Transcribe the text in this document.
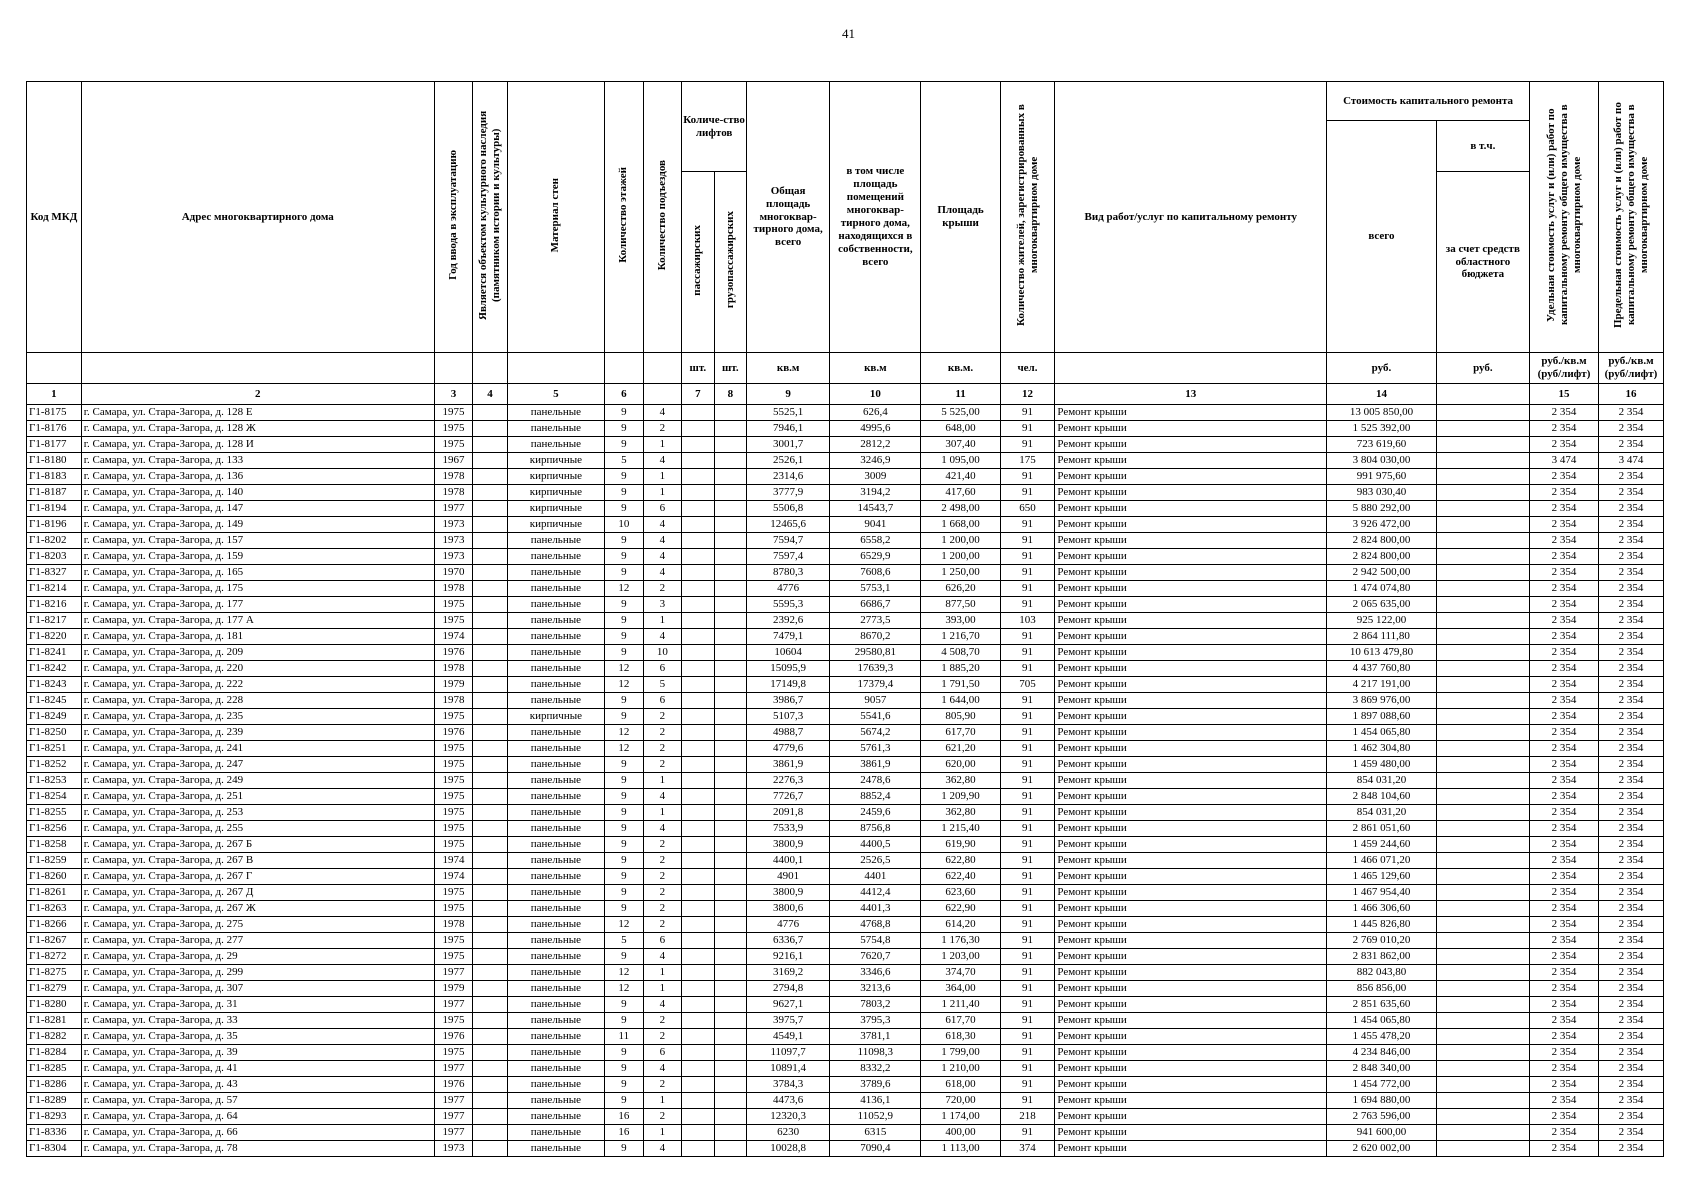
41
Код МКД	Адрес многоквартирного дома	Год ввода в эксплуатацию	Является объектом культурного наследия (памятником истории и культуры)	Материал стен	Количество этажей	Количество подъездов	Количе-ство лифтов		Общая площадь многоквар-тирного дома, всего	в том числе площадь помещений многоквар-тирного дома, находящихся в собственности, всего	Площадь крыши	Количество жителей, зарегистрированных в многоквартирном доме	Вид работ/услуг по капитальному ремонту	Стоимость капитального ремонта		Удельная стоимость услуг и (или) работ по капитальному ремонту общего имущества в многоквартирном доме	Предельная стоимость услуг и (или) работ по капитальному ремонту общего имущества в многоквартирном доме
														всего	в т.ч.		
							пассажирских	грузопассажирских							за счет средств областного бюджета		
							шт.	шт.	кв.м	кв.м	кв.м.	чел.		руб.	руб.	руб./кв.м (руб/лифт)	руб./кв.м (руб/лифт)
1	2	3	4	5	6		7	8	9	10	11	12	13	14		15	16
Г1-8175	г. Самара, ул. Стара-Загора, д. 128 Е	1975		панельные	9	4			5525,1	626,4	5 525,00	91	Ремонт крыши	13 005 850,00		2 354	2 354
Г1-8176	г. Самара, ул. Стара-Загора, д. 128 Ж	1975		панельные	9	2			7946,1	4995,6	648,00	91	Ремонт крыши	1 525 392,00		2 354	2 354
Г1-8177	г. Самара, ул. Стара-Загора, д. 128 И	1975		панельные	9	1			3001,7	2812,2	307,40	91	Ремонт крыши	723 619,60		2 354	2 354
Г1-8180	г. Самара, ул. Стара-Загора, д. 133	1967		кирпичные	5	4			2526,1	3246,9	1 095,00	175	Ремонт крыши	3 804 030,00		3 474	3 474
Г1-8183	г. Самара, ул. Стара-Загора, д. 136	1978		кирпичные	9	1			2314,6	3009	421,40	91	Ремонт крыши	991 975,60		2 354	2 354
Г1-8187	г. Самара, ул. Стара-Загора, д. 140	1978		кирпичные	9	1			3777,9	3194,2	417,60	91	Ремонт крыши	983 030,40		2 354	2 354
Г1-8194	г. Самара, ул. Стара-Загора, д. 147	1977		кирпичные	9	6			5506,8	14543,7	2 498,00	650	Ремонт крыши	5 880 292,00		2 354	2 354
Г1-8196	г. Самара, ул. Стара-Загора, д. 149	1973		кирпичные	10	4			12465,6	9041	1 668,00	91	Ремонт крыши	3 926 472,00		2 354	2 354
Г1-8202	г. Самара, ул. Стара-Загора, д. 157	1973		панельные	9	4			7594,7	6558,2	1 200,00	91	Ремонт крыши	2 824 800,00		2 354	2 354
Г1-8203	г. Самара, ул. Стара-Загора, д. 159	1973		панельные	9	4			7597,4	6529,9	1 200,00	91	Ремонт крыши	2 824 800,00		2 354	2 354
Г1-8327	г. Самара, ул. Стара-Загора, д. 165	1970		панельные	9	4			8780,3	7608,6	1 250,00	91	Ремонт крыши	2 942 500,00		2 354	2 354
Г1-8214	г. Самара, ул. Стара-Загора, д. 175	1978		панельные	12	2			4776	5753,1	626,20	91	Ремонт крыши	1 474 074,80		2 354	2 354
Г1-8216	г. Самара, ул. Стара-Загора, д. 177	1975		панельные	9	3			5595,3	6686,7	877,50	91	Ремонт крыши	2 065 635,00		2 354	2 354
Г1-8217	г. Самара, ул. Стара-Загора, д. 177 А	1975		панельные	9	1			2392,6	2773,5	393,00	103	Ремонт крыши	925 122,00		2 354	2 354
Г1-8220	г. Самара, ул. Стара-Загора, д. 181	1974		панельные	9	4			7479,1	8670,2	1 216,70	91	Ремонт крыши	2 864 111,80		2 354	2 354
Г1-8241	г. Самара, ул. Стара-Загора, д. 209	1976		панельные	9	10			10604	29580,81	4 508,70	91	Ремонт крыши	10 613 479,80		2 354	2 354
Г1-8242	г. Самара, ул. Стара-Загора, д. 220	1978		панельные	12	6			15095,9	17639,3	1 885,20	91	Ремонт крыши	4 437 760,80		2 354	2 354
Г1-8243	г. Самара, ул. Стара-Загора, д. 222	1979		панельные	12	5			17149,8	17379,4	1 791,50	705	Ремонт крыши	4 217 191,00		2 354	2 354
Г1-8245	г. Самара, ул. Стара-Загора, д. 228	1978		панельные	9	6			3986,7	9057	1 644,00	91	Ремонт крыши	3 869 976,00		2 354	2 354
Г1-8249	г. Самара, ул. Стара-Загора, д. 235	1975		кирпичные	9	2			5107,3	5541,6	805,90	91	Ремонт крыши	1 897 088,60		2 354	2 354
Г1-8250	г. Самара, ул. Стара-Загора, д. 239	1976		панельные	12	2			4988,7	5674,2	617,70	91	Ремонт крыши	1 454 065,80		2 354	2 354
Г1-8251	г. Самара, ул. Стара-Загора, д. 241	1975		панельные	12	2			4779,6	5761,3	621,20	91	Ремонт крыши	1 462 304,80		2 354	2 354
Г1-8252	г. Самара, ул. Стара-Загора, д. 247	1975		панельные	9	2			3861,9	3861,9	620,00	91	Ремонт крыши	1 459 480,00		2 354	2 354
Г1-8253	г. Самара, ул. Стара-Загора, д. 249	1975		панельные	9	1			2276,3	2478,6	362,80	91	Ремонт крыши	854 031,20		2 354	2 354
Г1-8254	г. Самара, ул. Стара-Загора, д. 251	1975		панельные	9	4			7726,7	8852,4	1 209,90	91	Ремонт крыши	2 848 104,60		2 354	2 354
Г1-8255	г. Самара, ул. Стара-Загора, д. 253	1975		панельные	9	1			2091,8	2459,6	362,80	91	Ремонт крыши	854 031,20		2 354	2 354
Г1-8256	г. Самара, ул. Стара-Загора, д. 255	1975		панельные	9	4			7533,9	8756,8	1 215,40	91	Ремонт крыши	2 861 051,60		2 354	2 354
Г1-8258	г. Самара, ул. Стара-Загора, д. 267 Б	1975		панельные	9	2			3800,9	4400,5	619,90	91	Ремонт крыши	1 459 244,60		2 354	2 354
Г1-8259	г. Самара, ул. Стара-Загора, д. 267 В	1974		панельные	9	2			4400,1	2526,5	622,80	91	Ремонт крыши	1 466 071,20		2 354	2 354
Г1-8260	г. Самара, ул. Стара-Загора, д. 267 Г	1974		панельные	9	2			4901	4401	622,40	91	Ремонт крыши	1 465 129,60		2 354	2 354
Г1-8261	г. Самара, ул. Стара-Загора, д. 267 Д	1975		панельные	9	2			3800,9	4412,4	623,60	91	Ремонт крыши	1 467 954,40		2 354	2 354
Г1-8263	г. Самара, ул. Стара-Загора, д. 267 Ж	1975		панельные	9	2			3800,6	4401,3	622,90	91	Ремонт крыши	1 466 306,60		2 354	2 354
Г1-8266	г. Самара, ул. Стара-Загора, д. 275	1978		панельные	12	2			4776	4768,8	614,20	91	Ремонт крыши	1 445 826,80		2 354	2 354
Г1-8267	г. Самара, ул. Стара-Загора, д. 277	1975		панельные	5	6			6336,7	5754,8	1 176,30	91	Ремонт крыши	2 769 010,20		2 354	2 354
Г1-8272	г. Самара, ул. Стара-Загора, д. 29	1975		панельные	9	4			9216,1	7620,7	1 203,00	91	Ремонт крыши	2 831 862,00		2 354	2 354
Г1-8275	г. Самара, ул. Стара-Загора, д. 299	1977		панельные	12	1			3169,2	3346,6	374,70	91	Ремонт крыши	882 043,80		2 354	2 354
Г1-8279	г. Самара, ул. Стара-Загора, д. 307	1979		панельные	12	1			2794,8	3213,6	364,00	91	Ремонт крыши	856 856,00		2 354	2 354
Г1-8280	г. Самара, ул. Стара-Загора, д. 31	1977		панельные	9	4			9627,1	7803,2	1 211,40	91	Ремонт крыши	2 851 635,60		2 354	2 354
Г1-8281	г. Самара, ул. Стара-Загора, д. 33	1975		панельные	9	2			3975,7	3795,3	617,70	91	Ремонт крыши	1 454 065,80		2 354	2 354
Г1-8282	г. Самара, ул. Стара-Загора, д. 35	1976		панельные	11	2			4549,1	3781,1	618,30	91	Ремонт крыши	1 455 478,20		2 354	2 354
Г1-8284	г. Самара, ул. Стара-Загора, д. 39	1975		панельные	9	6			11097,7	11098,3	1 799,00	91	Ремонт крыши	4 234 846,00		2 354	2 354
Г1-8285	г. Самара, ул. Стара-Загора, д. 41	1977		панельные	9	4			10891,4	8332,2	1 210,00	91	Ремонт крыши	2 848 340,00		2 354	2 354
Г1-8286	г. Самара, ул. Стара-Загора, д. 43	1976		панельные	9	2			3784,3	3789,6	618,00	91	Ремонт крыши	1 454 772,00		2 354	2 354
Г1-8289	г. Самара, ул. Стара-Загора, д. 57	1977		панельные	9	1			4473,6	4136,1	720,00	91	Ремонт крыши	1 694 880,00		2 354	2 354
Г1-8293	г. Самара, ул. Стара-Загора, д. 64	1977		панельные	16	2			12320,3	11052,9	1 174,00	218	Ремонт крыши	2 763 596,00		2 354	2 354
Г1-8336	г. Самара, ул. Стара-Загора, д. 66	1977		панельные	16	1			6230	6315	400,00	91	Ремонт крыши	941 600,00		2 354	2 354
Г1-8304	г. Самара, ул. Стара-Загора, д. 78	1973		панельные	9	4			10028,8	7090,4	1 113,00	374	Ремонт крыши	2 620 002,00		2 354	2 354
